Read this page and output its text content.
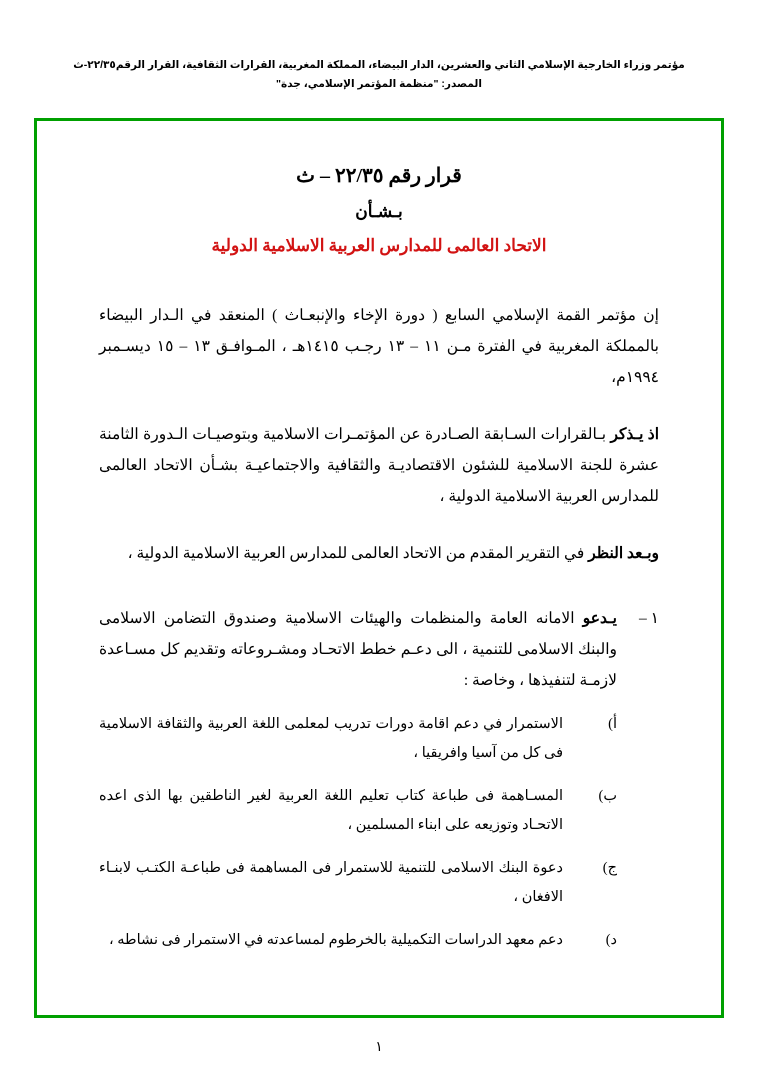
مؤتمر وزراء الخارجية الإسلامي الثاني والعشرين، الدار البيضاء، المملكة المغربية، القرارات الثقافية، القرار الرقم٢٢/٣٥-ث
المصدر: "منظمة المؤتمر الإسلامي، جدة"
قرار رقم ٢٢/٣٥ – ث
بـشـأن
الاتحاد العالمى للمدارس العربية الاسلامية الدولية
إن مؤتمر القمة الإسلامي السابع ( دورة الإخاء والإنبعـاث ) المنعقد في الـدار البيضاء بالمملكة المغربية في الفترة مـن ١١ – ١٣ رجـب ١٤١٥هـ ، المـوافـق ١٣ – ١٥ ديسـمبر ١٩٩٤م،
اذ يـذكر بـالقرارات السـابقة الصـادرة عن المؤتمـرات الاسلامية وبتوصيـات الـدورة الثامنة عشرة للجنة الاسلامية للشئون الاقتصاديـة والثقافية والاجتماعيـة بشـأن الاتحاد العالمى للمدارس العربية الاسلامية الدولية ،
وبـعد النظر في التقرير المقدم من الاتحاد العالمى للمدارس العربية الاسلامية الدولية ،
١ –
يـدعو الامانه العامة والمنظمات والهيئات الاسلامية وصندوق التضامن الاسلامى والبنك الاسلامى للتنمية ، الى دعـم خطط الاتحـاد ومشـروعاته وتقديم كل مسـاعدة لازمـة لتنفيذها ، وخاصة :
أ)
الاستمرار في دعم اقامة دورات تدريب لمعلمى اللغة العربية والثقافة الاسلامية فى كل من آسيا وافريقيا ،
ب)
المسـاهمة فى طباعة كتاب تعليم اللغة العربية لغير الناطقين بها الذى اعده الاتحـاد وتوزيعه على ابناء المسلمين ،
ج)
دعوة البنك الاسلامى للتنمية للاستمرار فى المساهمة فى طباعـة الكتـب لابنـاء الافغان ،
د)
دعم معهد الدراسات التكميلية بالخرطوم لمساعدته في الاستمرار فى نشاطه ،
١
